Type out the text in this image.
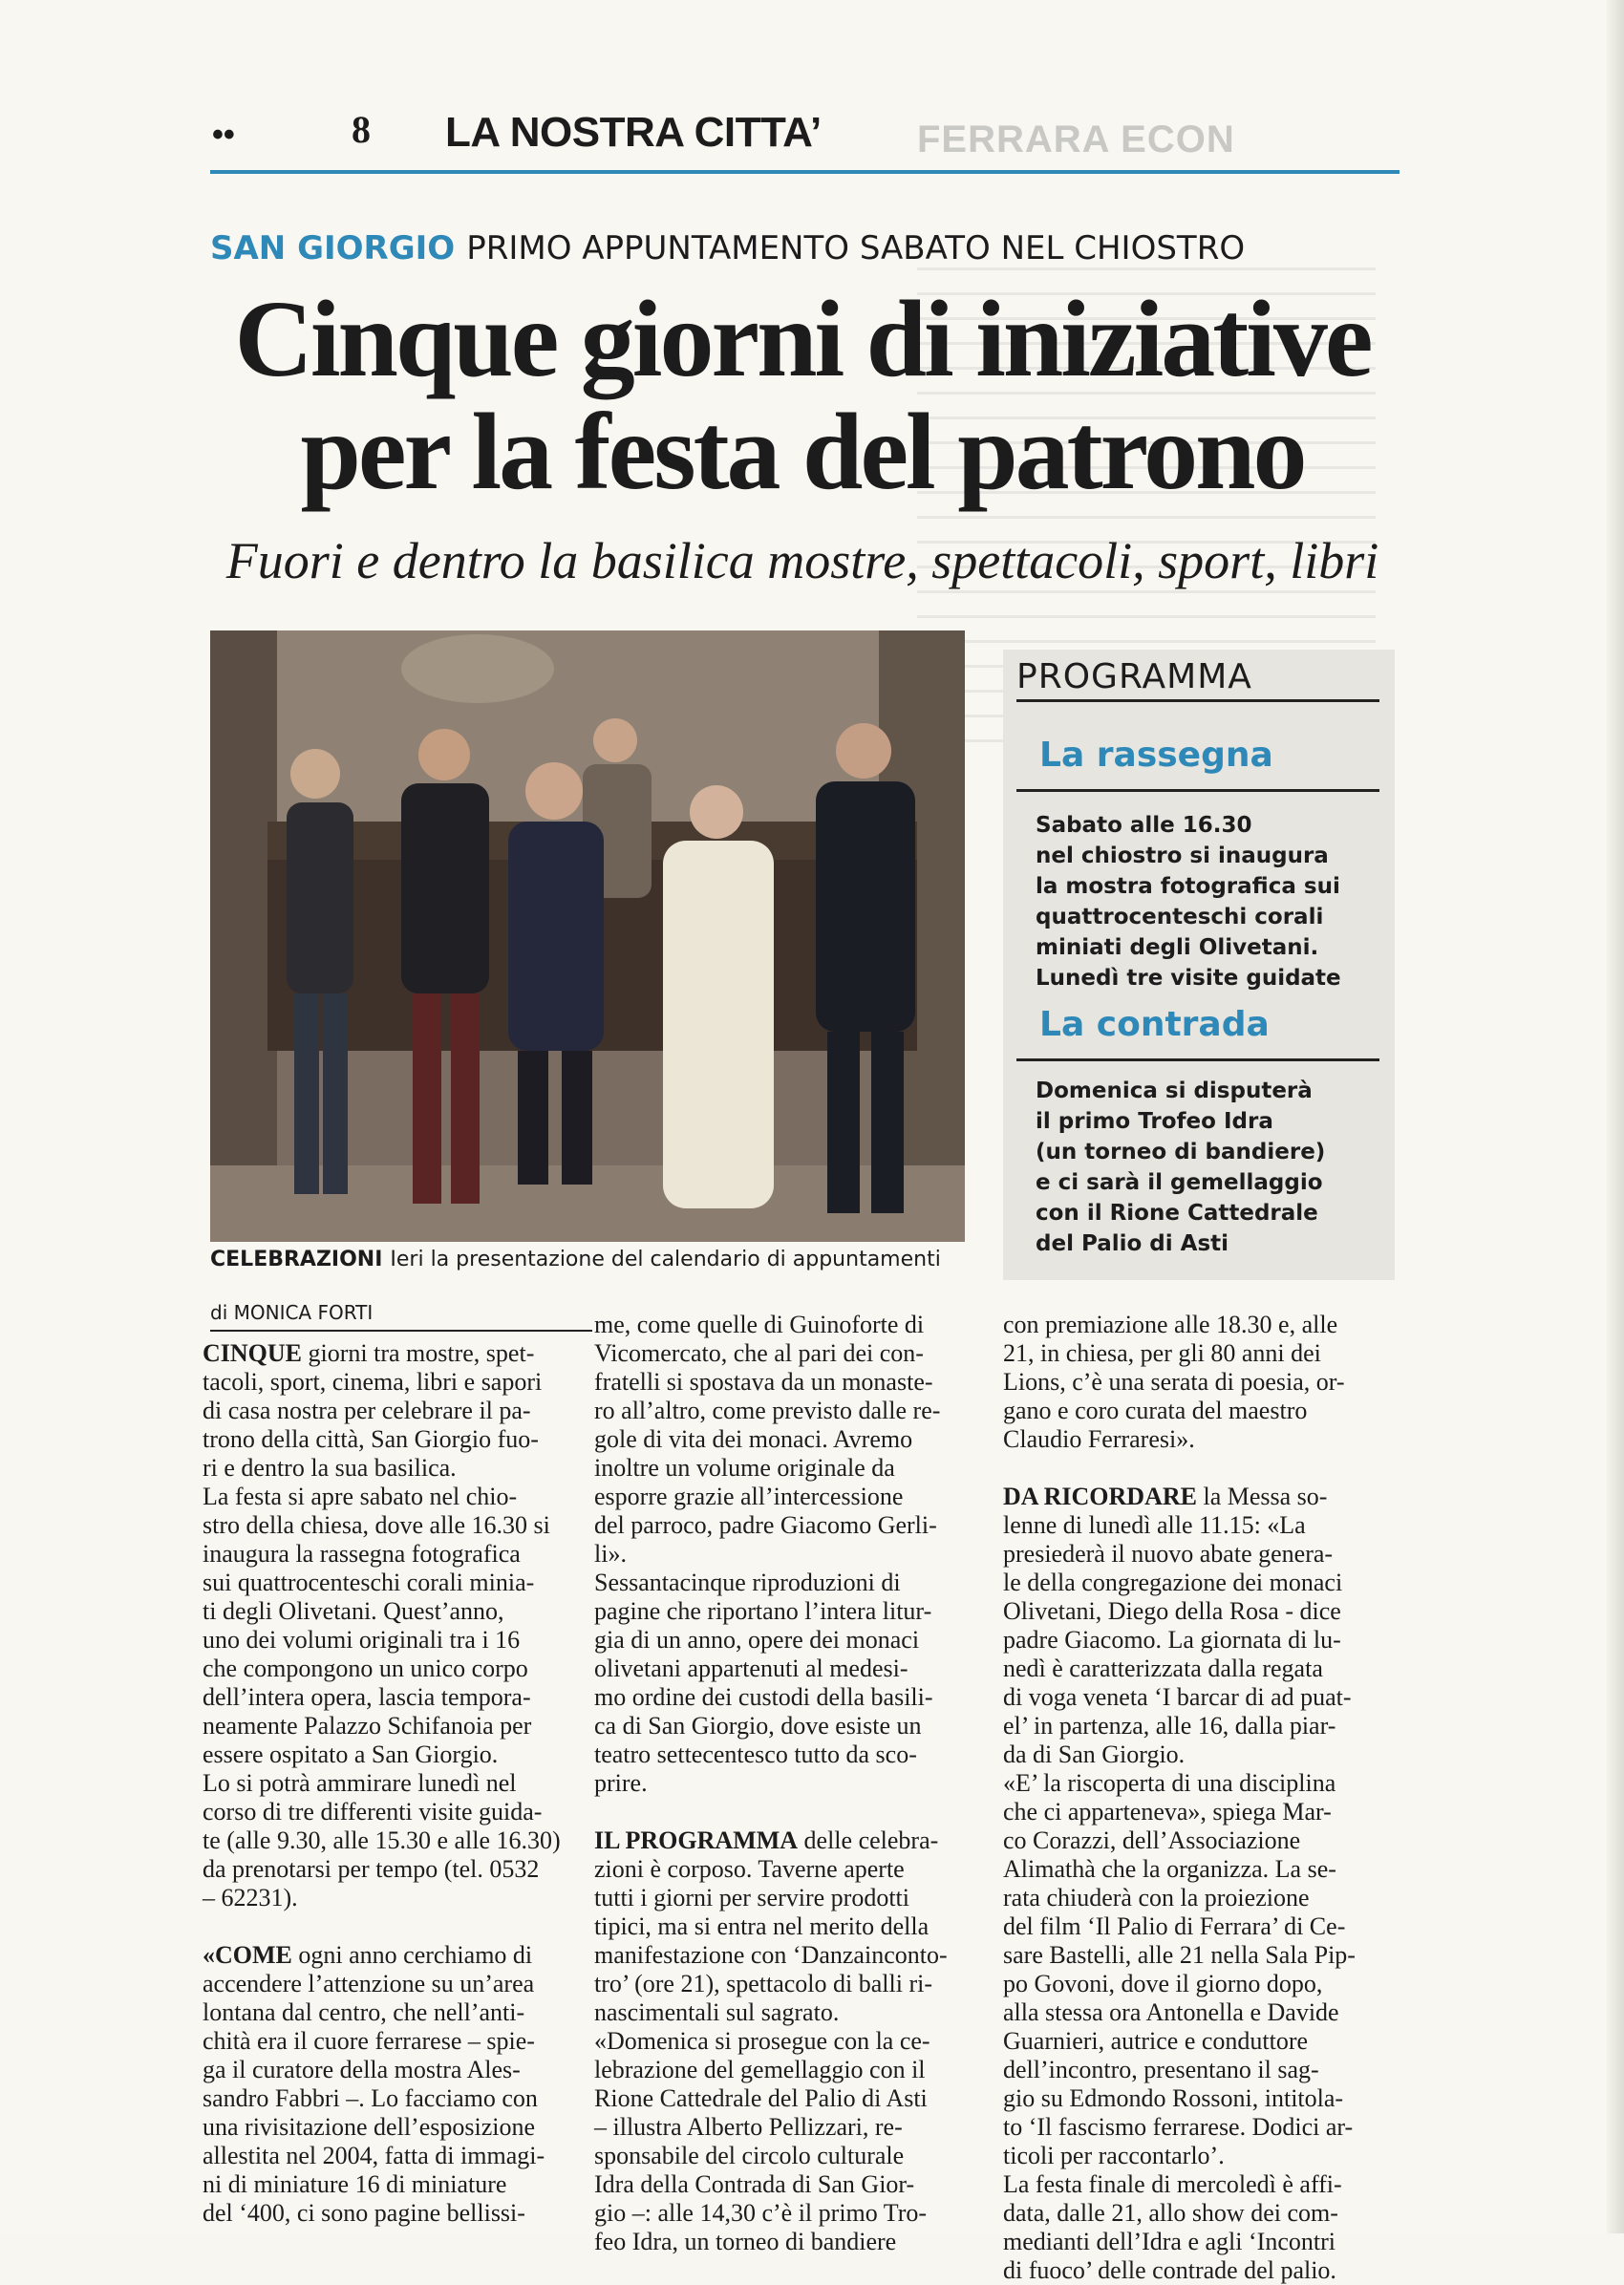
••	8 LA NOSTRA CITTA’	FERRARA ECON
SAN GIORGIO PRIMO APPUNTAMENTO SABATO NEL CHIOSTRO
Cinque giorni di iniziative
per la festa del patrono
Fuori e dentro la basilica mostre, spettacoli, sport, libri
CELEBRAZIONI Ieri la presentazione del calendario di appuntamenti
PROGRAMMA
La rassegna
Sabato alle 16.30
nel chiostro si inaugura
la mostra fotografica sui
quattrocenteschi corali
miniati degli Olivetani.
Lunedì tre visite guidate
La contrada
Domenica si disputerà
il primo Trofeo Idra
(un torneo di bandiere)
e ci sarà il gemellaggio
con il Rione Cattedrale
del Palio di Asti
di MONICA FORTI

CINQUE giorni tra mostre, spet-
tacoli, sport, cinema, libri e sapori
di casa nostra per celebrare il pa-
trono della città, San Giorgio fuo-
ri e dentro la sua basilica.

La festa si apre sabato nel chio-
stro della chiesa, dove alle 16.30 si
inaugura la rassegna fotografica
sui quattrocenteschi corali minia-
ti degli Olivetani. Quest’anno,
uno dei volumi originali tra i 16
che compongono un unico corpo
dell’intera opera, lascia tempora-
neamente Palazzo Schifanoia per
essere ospitato a San Giorgio.

Lo si potrà ammirare lunedì nel
corso di tre differenti visite guida-
te (alle 9.30, alle 15.30 e alle 16.30)
da prenotarsi per tempo (tel. 0532
– 62231).

«COME ogni anno cerchiamo di
accendere l’attenzione su un’area
lontana dal centro, che nell’anti-
chità era il cuore ferrarese – spie-
ga il curatore della mostra Ales-
sandro Fabbri –. Lo facciamo con
una rivisitazione dell’esposizione
allestita nel 2004, fatta di immagi-
ni di miniature 16 di miniature
del ‘400, ci sono pagine bellissi-

me, come quelle di Guinoforte di
Vicomercato, che al pari dei con-
fratelli si spostava da un monaste-
ro all’altro, come previsto dalle re-
gole di vita dei monaci. Avremo
inoltre un volume originale da
esporre grazie all’intercessione
del parroco, padre Giacomo Gerli-
li».

Sessantacinque riproduzioni di
pagine che riportano l’intera litur-
gia di un anno, opere dei monaci
olivetani appartenuti al medesi-
mo ordine dei custodi della basili-
ca di San Giorgio, dove esiste un
teatro settecentesco tutto da sco-
prire.

IL PROGRAMMA delle celebra-
zioni è corposo. Taverne aperte
tutti i giorni per servire prodotti
tipici, ma si entra nel merito della
manifestazione con ‘Danzainconto-
tro’ (ore 21), spettacolo di balli ri-
nascimentali sul sagrato.

«Domenica si prosegue con la ce-
lebrazione del gemellaggio con il
Rione Cattedrale del Palio di Asti
– illustra Alberto Pellizzari, re-
sponsabile del circolo culturale
Idra della Contrada di San Gior-
gio –: alle 14,30 c’è il primo Tro-
feo Idra, un torneo di bandiere

con premiazione alle 18.30 e, alle
21, in chiesa, per gli 80 anni dei
Lions, c’è una serata di poesia, or-
gano e coro curata del maestro
Claudio Ferraresi».

DA RICORDARE la Messa so-
lenne di lunedì alle 11.15: «La
presiederà il nuovo abate genera-
le della congregazione dei monaci
Olivetani, Diego della Rosa - dice
padre Giacomo. La giornata di lu-
nedì è caratterizzata dalla regata
di voga veneta ‘I barcar di ad puat-
el’ in partenza, alle 16, dalla piar-
da di San Giorgio.

«E’ la riscoperta di una disciplina
che ci apparteneva», spiega Mar-
co Corazzi, dell’Associazione
Alimathà che la organizza. La se-
rata chiuderà con la proiezione
del film ‘Il Palio di Ferrara’ di Ce-
sare Bastelli, alle 21 nella Sala Pip-
po Govoni, dove il giorno dopo,
alla stessa ora Antonella e Davide
Guarnieri, autrice e conduttore
dell’incontro, presentano il sag-
gio su Edmondo Rossoni, intitola-
to ‘Il fascismo ferrarese. Dodici ar-
ticoli per raccontarlo’.

La festa finale di mercoledì è affi-
data, dalle 21, allo show dei com-
medianti dell’Idra e agli ‘Incontri
di fuoco’ delle contrade del palio.
